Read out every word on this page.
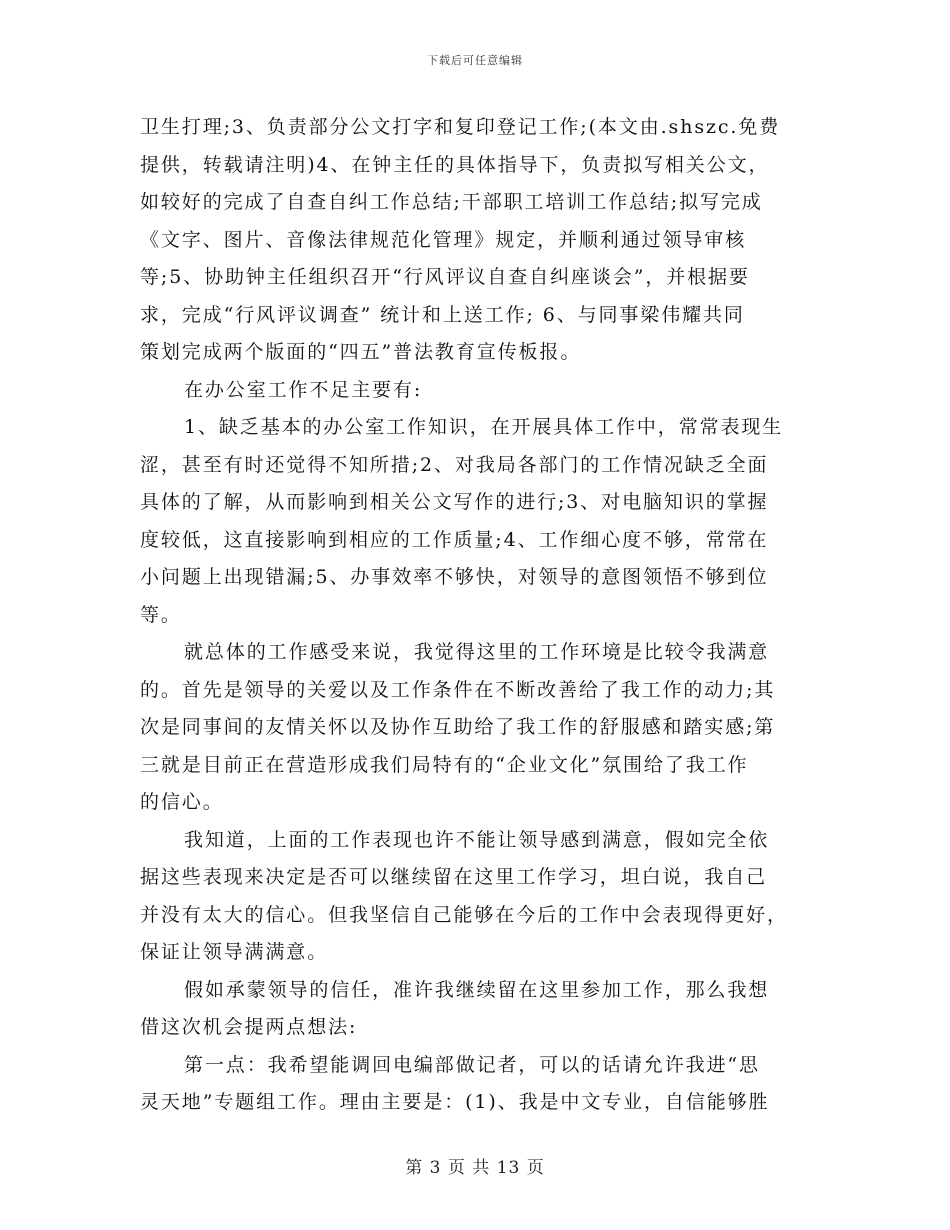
下载后可任意编辑
卫生打理;3、负责部分公文打字和复印登记工作;(本文由.shszc.免费
提供，转载请注明)4、在钟主任的具体指导下，负责拟写相关公文，
如较好的完成了自查自纠工作总结;干部职工培训工作总结;拟写完成
《文字、图片、音像法律规范化管理》规定，并顺利通过领导审核
等;5、协助钟主任组织召开“行风评议自查自纠座谈会”，并根据要
求，完成“行风评议调查” 统计和上送工作; 6、与同事梁伟耀共同
策划完成两个版面的“四五”普法教育宣传板报。
在办公室工作不足主要有:
1、缺乏基本的办公室工作知识，在开展具体工作中，常常表现生
涩，甚至有时还觉得不知所措;2、对我局各部门的工作情况缺乏全面
具体的了解，从而影响到相关公文写作的进行;3、对电脑知识的掌握
度较低，这直接影响到相应的工作质量;4、工作细心度不够，常常在
小问题上出现错漏;5、办事效率不够快，对领导的意图领悟不够到位
等。
就总体的工作感受来说，我觉得这里的工作环境是比较令我满意
的。首先是领导的关爱以及工作条件在不断改善给了我工作的动力;其
次是同事间的友情关怀以及协作互助给了我工作的舒服感和踏实感;第
三就是目前正在营造形成我们局特有的“企业文化”氛围给了我工作
的信心。
我知道，上面的工作表现也许不能让领导感到满意，假如完全依
据这些表现来决定是否可以继续留在这里工作学习，坦白说，我自己
并没有太大的信心。但我坚信自己能够在今后的工作中会表现得更好，
保证让领导满满意。
假如承蒙领导的信任，准许我继续留在这里参加工作，那么我想
借这次机会提两点想法:
第一点：我希望能调回电编部做记者，可以的话请允许我进“思
灵天地”专题组工作。理由主要是：(1)、我是中文专业，自信能够胜
第 3 页 共 13 页
